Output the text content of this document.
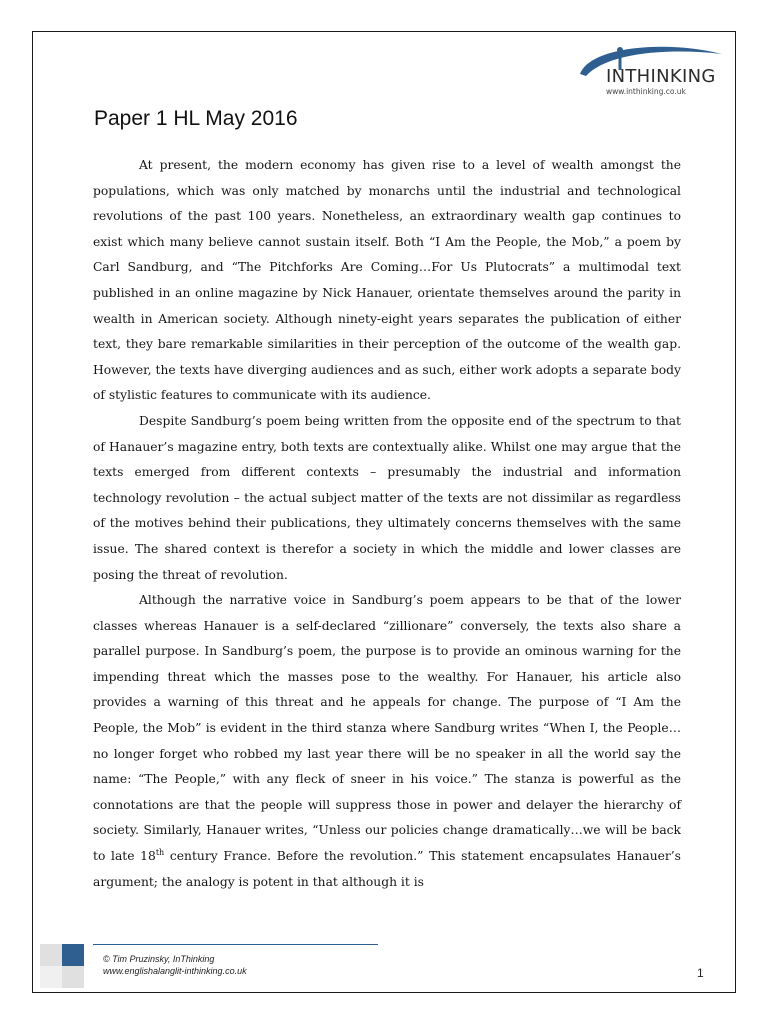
INTHINKING
www.inthinking.co.uk
Paper 1 HL May 2016

At present, the modern economy has given rise to a level of wealth amongst the populations, which was only matched by monarchs until the industrial and technological revolutions of the past 100 years. Nonetheless, an extraordinary wealth gap continues to exist which many believe cannot sustain itself. Both “I Am the People, the Mob,” a poem by Carl Sandburg, and “The Pitchforks Are Coming…For Us Plutocrats” a multimodal text published in an online magazine by Nick Hanauer, orientate themselves around the parity in wealth in American society. Although ninety-eight years separates the publication of either text, they bare remarkable similarities in their perception of the outcome of the wealth gap. However, the texts have diverging audiences and as such, either work adopts a separate body of stylistic features to communicate with its audience.

Despite Sandburg’s poem being written from the opposite end of the spectrum to that of Hanauer’s magazine entry, both texts are contextually alike. Whilst one may argue that the texts emerged from different contexts – presumably the industrial and information technology revolution – the actual subject matter of the texts are not dissimilar as regardless of the motives behind their publications, they ultimately concerns themselves with the same issue. The shared context is therefor a society in which the middle and lower classes are posing the threat of revolution.

Although the narrative voice in Sandburg’s poem appears to be that of the lower classes whereas Hanauer is a self-declared “zillionare” conversely, the texts also share a parallel purpose. In Sandburg’s poem, the purpose is to provide an ominous warning for the impending threat which the masses pose to the wealthy. For Hanauer, his article also provides a warning of this threat and he appeals for change. The purpose of “I Am the People, the Mob” is evident in the third stanza where Sandburg writes “When I, the People…no longer forget who robbed my last year there will be no speaker in all the world say the name: “The People,” with any fleck of sneer in his voice.” The stanza is powerful as the connotations are that the people will suppress those in power and delayer the hierarchy of society. Similarly, Hanauer writes, “Unless our policies change dramatically…we will be back to late 18th century France. Before the revolution.” This statement encapsulates Hanauer’s argument; the analogy is potent in that although it is

© Tim Pruzinsky, InThinking
www.englishalanglit-inthinking.co.uk	1
